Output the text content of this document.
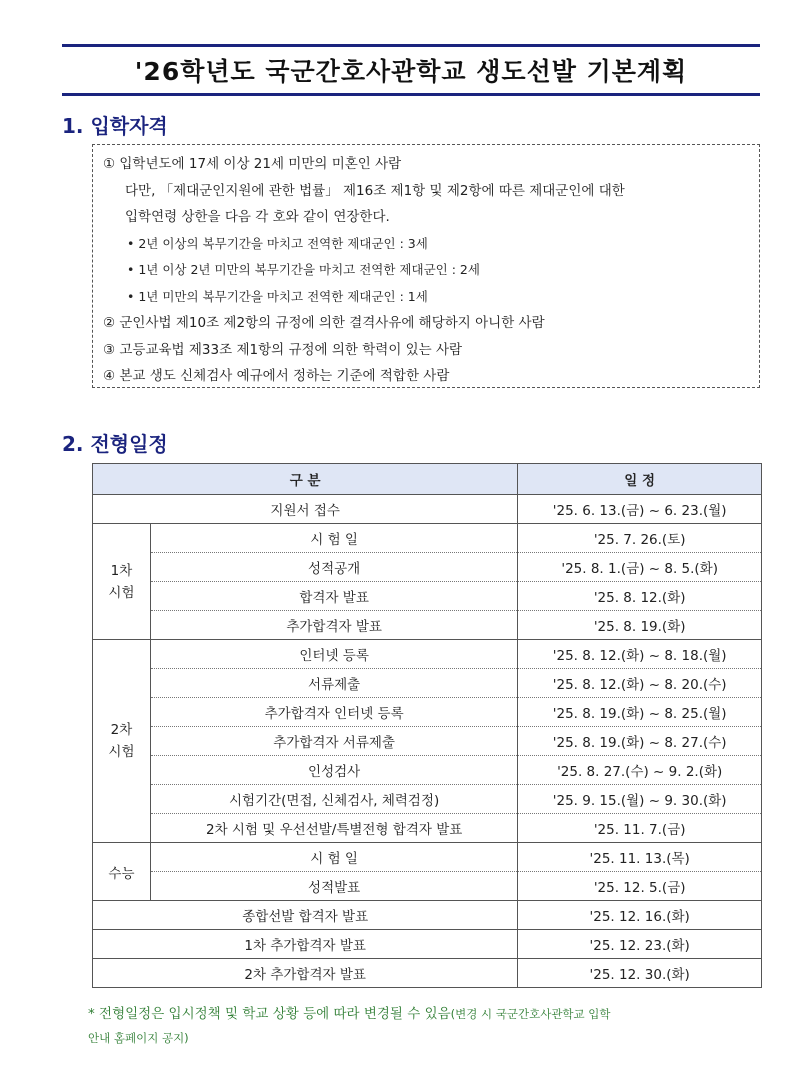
'26학년도 국군간호사관학교 생도선발 기본계획
1. 입학자격
① 입학년도에 17세 이상 21세 미만의 미혼인 사람
다만, 「제대군인지원에 관한 법률」 제16조 제1항 및 제2항에 따른 제대군인에 대한
입학연령 상한을 다음 각 호와 같이 연장한다.
• 2년 이상의 복무기간을 마치고 전역한 제대군인 : 3세
• 1년 이상 2년 미만의 복무기간을 마치고 전역한 제대군인 : 2세
• 1년 미만의 복무기간을 마치고 전역한 제대군인 : 1세
② 군인사법 제10조 제2항의 규정에 의한 결격사유에 해당하지 아니한 사람
③ 고등교육법 제33조 제1항의 규정에 의한 학력이 있는 사람
④ 본교 생도 신체검사 예규에서 정하는 기준에 적합한 사람
2. 전형일정
구 분		일 정
지원서 접수		'25. 6. 13.(금) ~ 6. 23.(월)
1차
시험	시 험 일	'25. 7. 26.(토)
	성적공개	'25. 8. 1.(금) ~ 8. 5.(화)
	합격자 발표	'25. 8. 12.(화)
	추가합격자 발표	'25. 8. 19.(화)
2차
시험	인터넷 등록	'25. 8. 12.(화) ~ 8. 18.(월)
	서류제출	'25. 8. 12.(화) ~ 8. 20.(수)
	추가합격자 인터넷 등록	'25. 8. 19.(화) ~ 8. 25.(월)
	추가합격자 서류제출	'25. 8. 19.(화) ~ 8. 27.(수)
	인성검사	'25. 8. 27.(수) ~ 9. 2.(화)
	시험기간(면접, 신체검사, 체력검정)	'25. 9. 15.(월) ~ 9. 30.(화)
	2차 시험 및 우선선발/특별전형 합격자 발표	'25. 11. 7.(금)
수능	시 험 일	'25. 11. 13.(목)
	성적발표	'25. 12. 5.(금)
종합선발 합격자 발표		'25. 12. 16.(화)
1차 추가합격자 발표		'25. 12. 23.(화)
2차 추가합격자 발표		'25. 12. 30.(화)
* 전형일정은 입시정책 및 학교 상황 등에 따라 변경될 수 있음(변경 시 국군간호사관학교 입학
안내 홈페이지 공지)
